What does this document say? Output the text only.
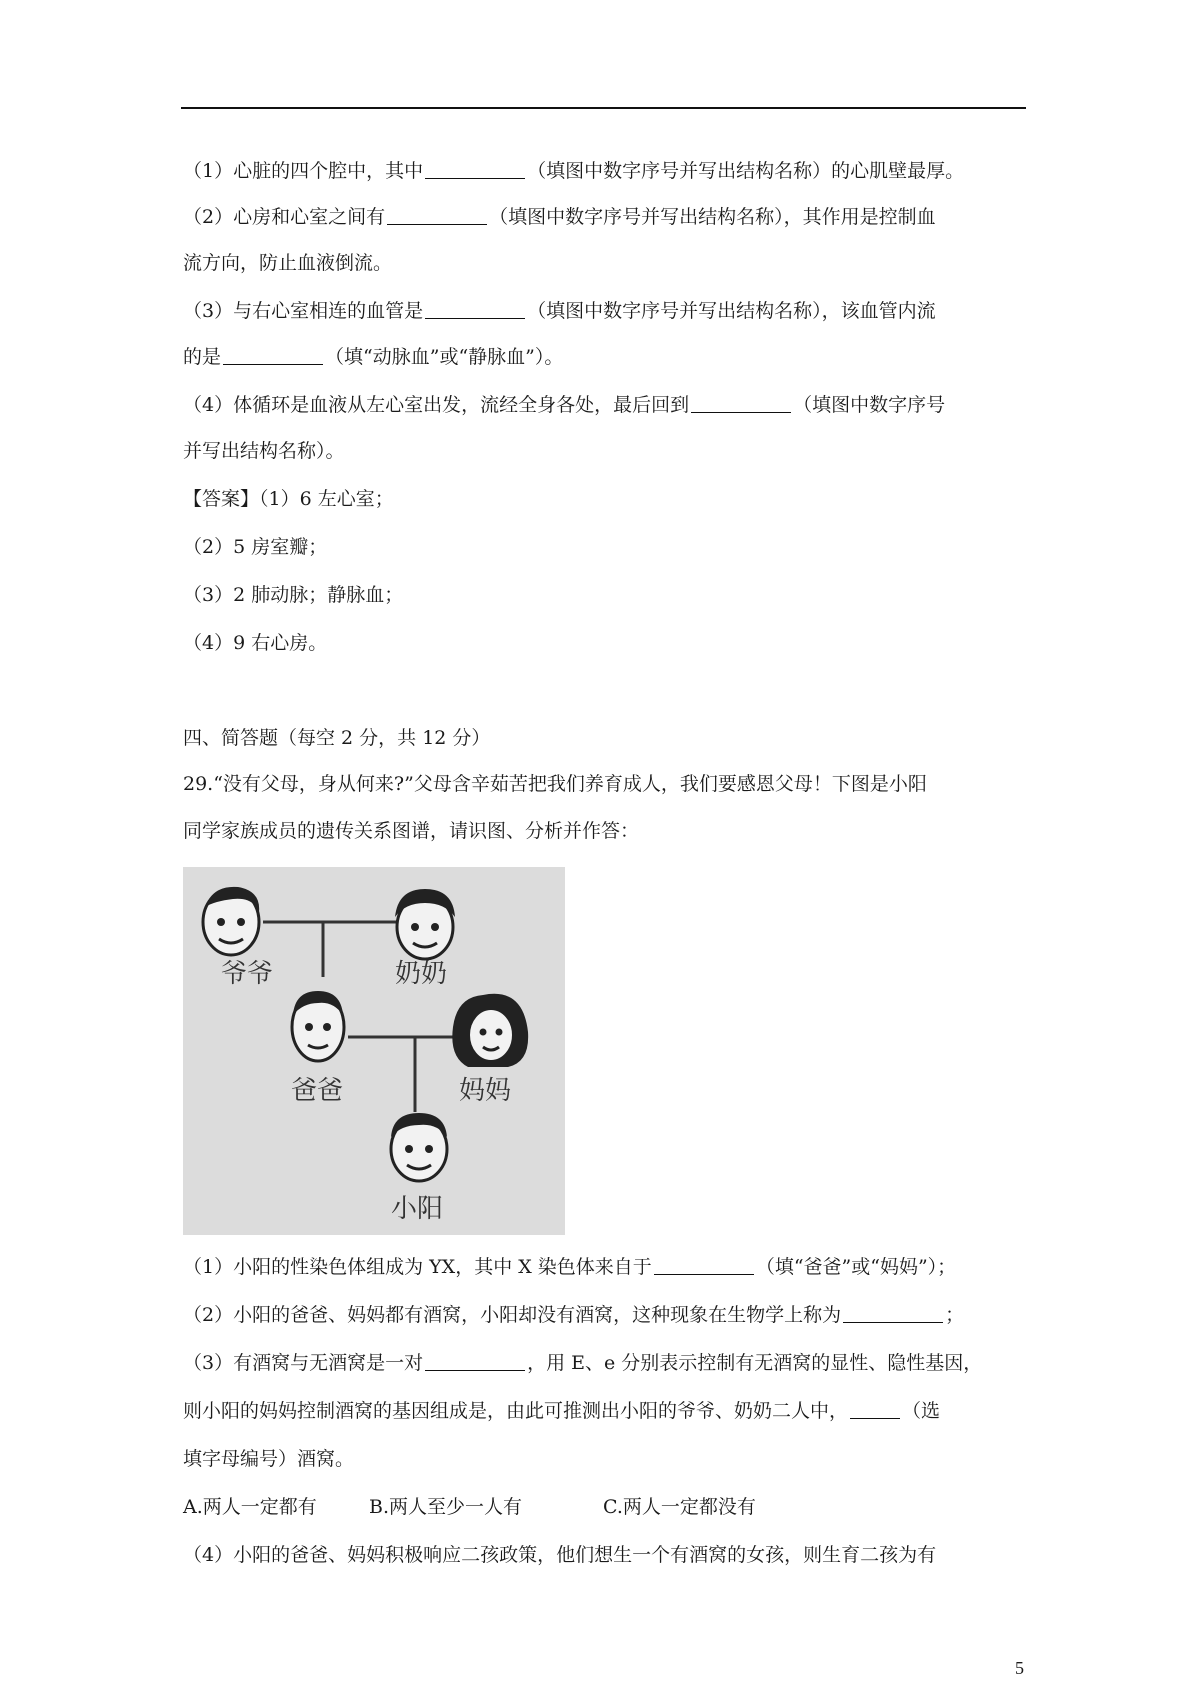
（1）心脏的四个腔中，其中	（填图中数字序号并写出结构名称）的心肌壁最厚。
（2）心房和心室之间有	（填图中数字序号并写出结构名称），其作用是控制血
流方向，防止血液倒流。
（3）与右心室相连的血管是	（填图中数字序号并写出结构名称），该血管内流
的是	（填“动脉血”或“静脉血”）。
（4）体循环是血液从左心室出发，流经全身各处，最后回到	（填图中数字序号
并写出结构名称）。
【答案】（1）6 左心室；
（2）5 房室瓣；
（3）2 肺动脉；静脉血；
（4）9 右心房。
四、简答题（每空 2 分，共 12 分）
29.“没有父母，身从何来?”父母含辛茹苦把我们养育成人，我们要感恩父母！下图是小阳
同学家族成员的遗传关系图谱，请识图、分析并作答：
爷爷	奶奶
爸爸	妈妈
小阳
（1）小阳的性染色体组成为 YX，其中 X 染色体来自于	（填“爸爸”或“妈妈”）；
（2）小阳的爸爸、妈妈都有酒窝，小阳却没有酒窝，这种现象在生物学上称为	；
（3）有酒窝与无酒窝是一对	，用 E、e 分别表示控制有无酒窝的显性、隐性基因，
则小阳的妈妈控制酒窝的基因组成是，由此可推测出小阳的爷爷、奶奶二人中，	（选
填字母编号）酒窝。
A.两人一定都有	B.两人至少一人有	C.两人一定都没有
（4）小阳的爸爸、妈妈积极响应二孩政策，他们想生一个有酒窝的女孩，则生育二孩为有
5
